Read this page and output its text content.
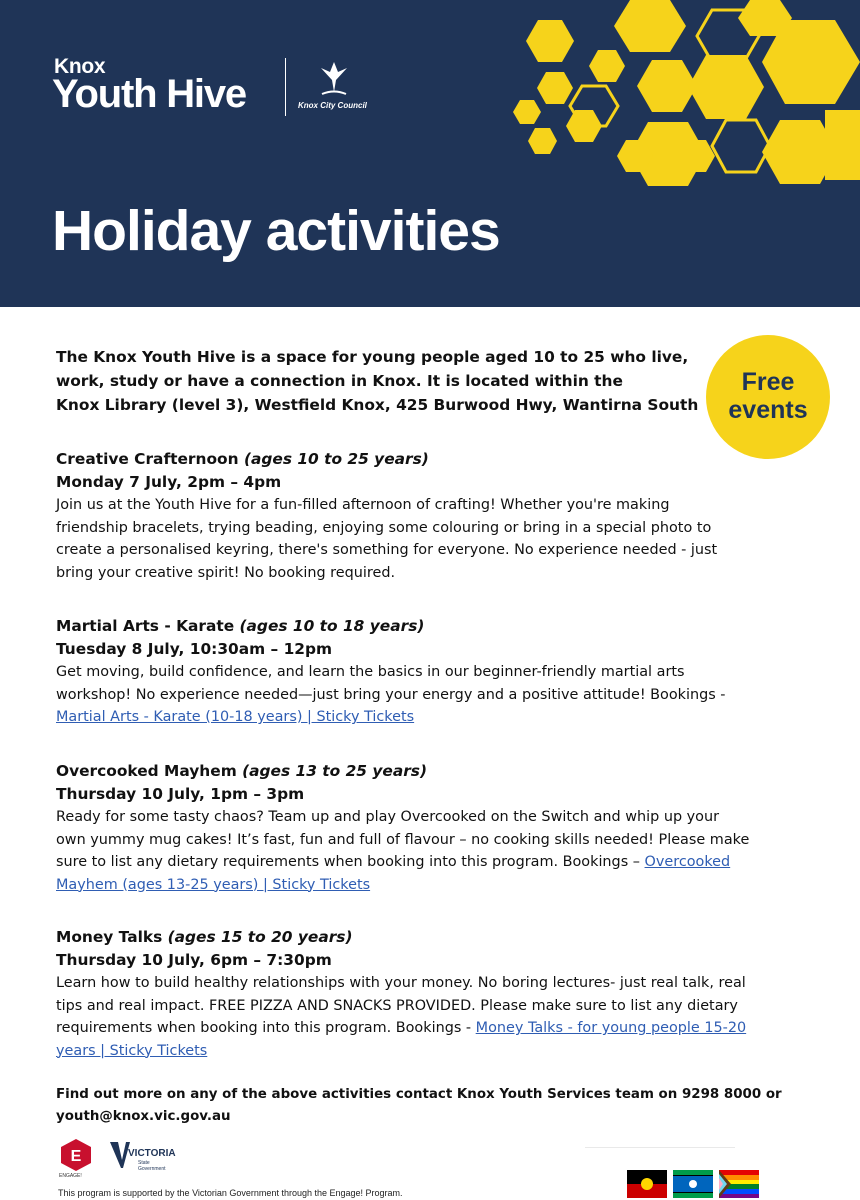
Knox
Youth Hive	Knox City Council
Holiday activities
Free
events
The Knox Youth Hive is a space for young people aged 10 to 25 who live,
work, study or have a connection in Knox. It is located within the
Knox Library (level 3), Westfield Knox, 425 Burwood Hwy, Wantirna South
Creative Crafternoon (ages 10 to 25 years)
Monday 7 July, 2pm – 4pm
Join us at the Youth Hive for a fun-filled afternoon of crafting! Whether you're making
friendship bracelets, trying beading, enjoying some colouring or bring in a special photo to
create a personalised keyring, there's something for everyone. No experience needed - just
bring your creative spirit! No booking required.
Martial Arts - Karate (ages 10 to 18 years)
Tuesday 8 July, 10:30am – 12pm
Get moving, build confidence, and learn the basics in our beginner-friendly martial arts
workshop! No experience needed—just bring your energy and a positive attitude! Bookings -
Martial Arts - Karate (10-18 years) | Sticky Tickets
Overcooked Mayhem (ages 13 to 25 years)
Thursday 10 July, 1pm – 3pm
Ready for some tasty chaos? Team up and play Overcooked on the Switch and whip up your
own yummy mug cakes! It’s fast, fun and full of flavour – no cooking skills needed! Please make
sure to list any dietary requirements when booking into this program. Bookings – Overcooked
Mayhem (ages 13-25 years) | Sticky Tickets
Money Talks (ages 15 to 20 years)
Thursday 10 July, 6pm – 7:30pm
Learn how to build healthy relationships with your money. No boring lectures- just real talk, real
tips and real impact. FREE PIZZA AND SNACKS PROVIDED. Please make sure to list any dietary
requirements when booking into this program. Bookings - Money Talks - for young people 15-20
years | Sticky Tickets
Find out more on any of the above activities contact Knox Youth Services team on 9298 8000 or
youth@knox.vic.gov.au
E
ENGAGE!
VICTORIA
State Government
This program is supported by the Victorian Government through the Engage! Program.
